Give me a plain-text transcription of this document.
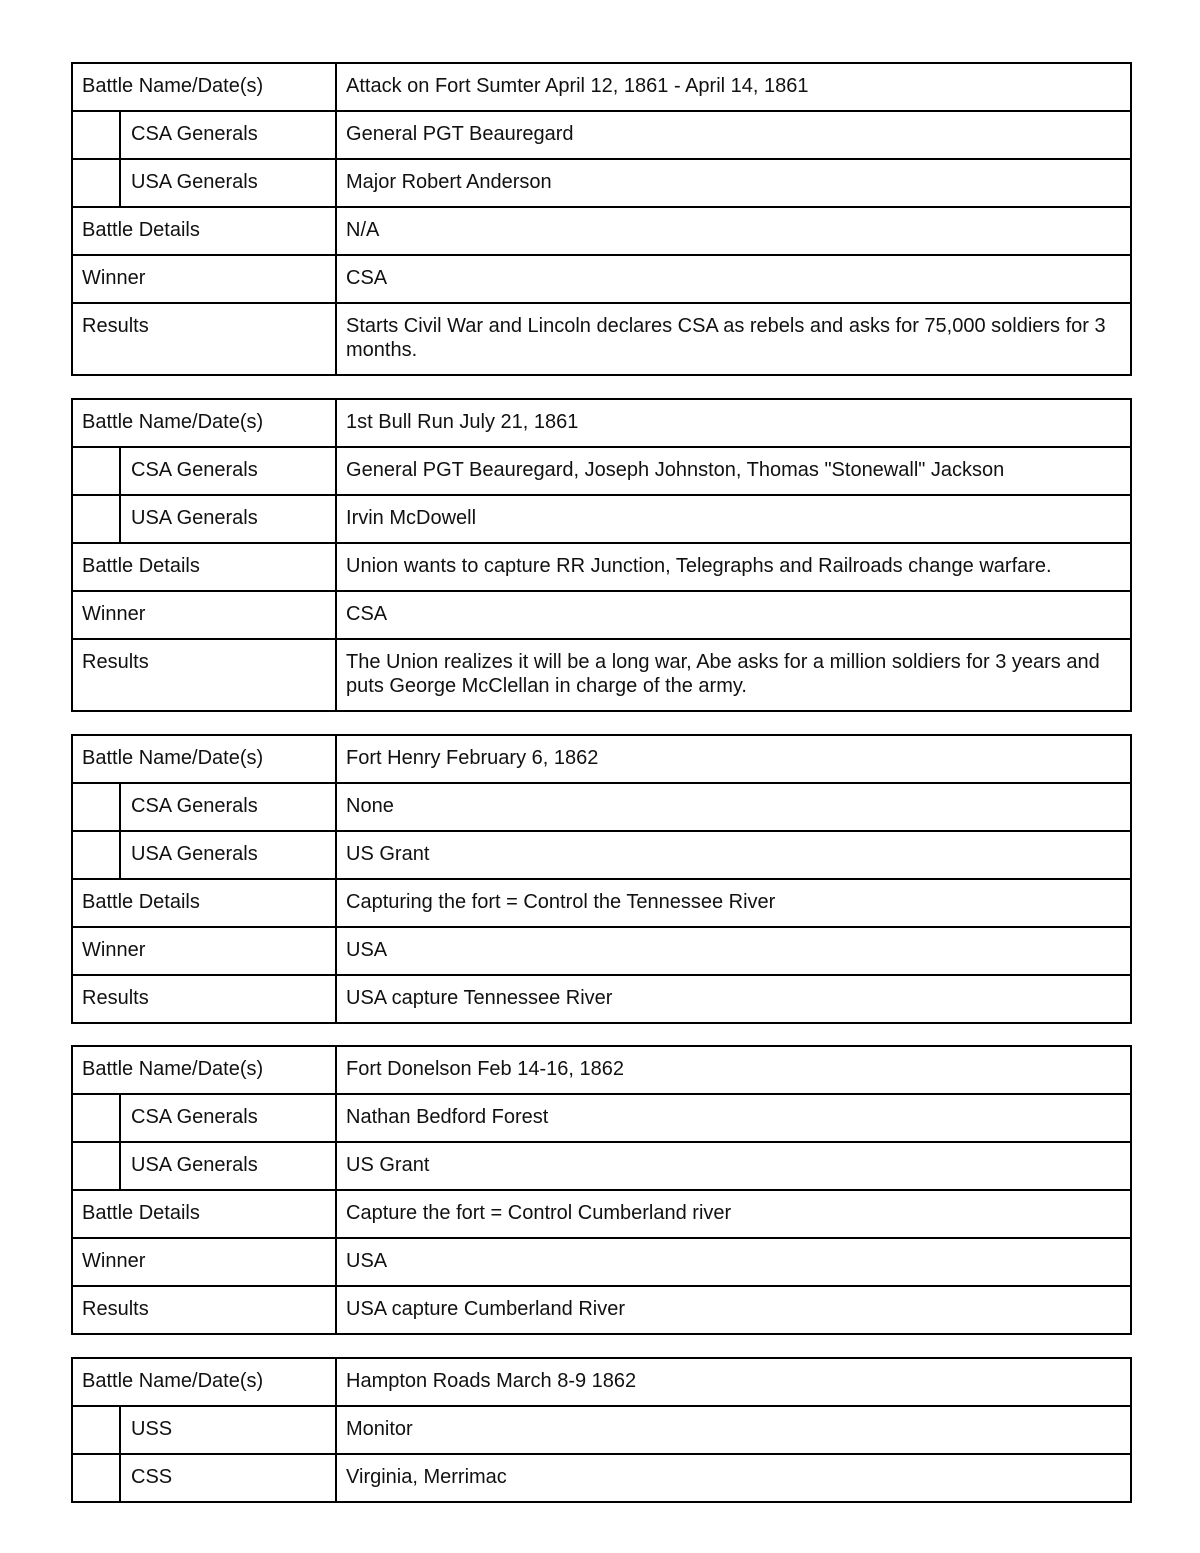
Battle Name/Date(s)		Attack on Fort Sumter April 12, 1861 - April 14, 1861
	CSA Generals	General PGT Beauregard
	USA Generals	Major Robert Anderson
Battle Details		N/A
Winner		CSA
Results		Starts Civil War and Lincoln declares CSA as rebels and asks for 75,000 soldiers for 3 months.
Battle Name/Date(s)		1st Bull Run July 21, 1861
	CSA Generals	General PGT Beauregard, Joseph Johnston, Thomas "Stonewall" Jackson
	USA Generals	Irvin McDowell
Battle Details		Union wants to capture RR Junction, Telegraphs and Railroads change warfare.
Winner		CSA
Results		The Union realizes it will be a long war, Abe asks for a million soldiers for 3 years and puts George McClellan in charge of the army.
Battle Name/Date(s)		Fort Henry February 6, 1862
	CSA Generals	None
	USA Generals	US Grant
Battle Details		Capturing the fort = Control the Tennessee River
Winner		USA
Results		USA capture Tennessee River
Battle Name/Date(s)		Fort Donelson Feb 14-16, 1862
	CSA Generals	Nathan Bedford Forest
	USA Generals	US Grant
Battle Details		Capture the fort = Control Cumberland river
Winner		USA
Results		USA capture Cumberland River
Battle Name/Date(s)		Hampton Roads March 8-9 1862
	USS	Monitor
	CSS	Virginia, Merrimac
